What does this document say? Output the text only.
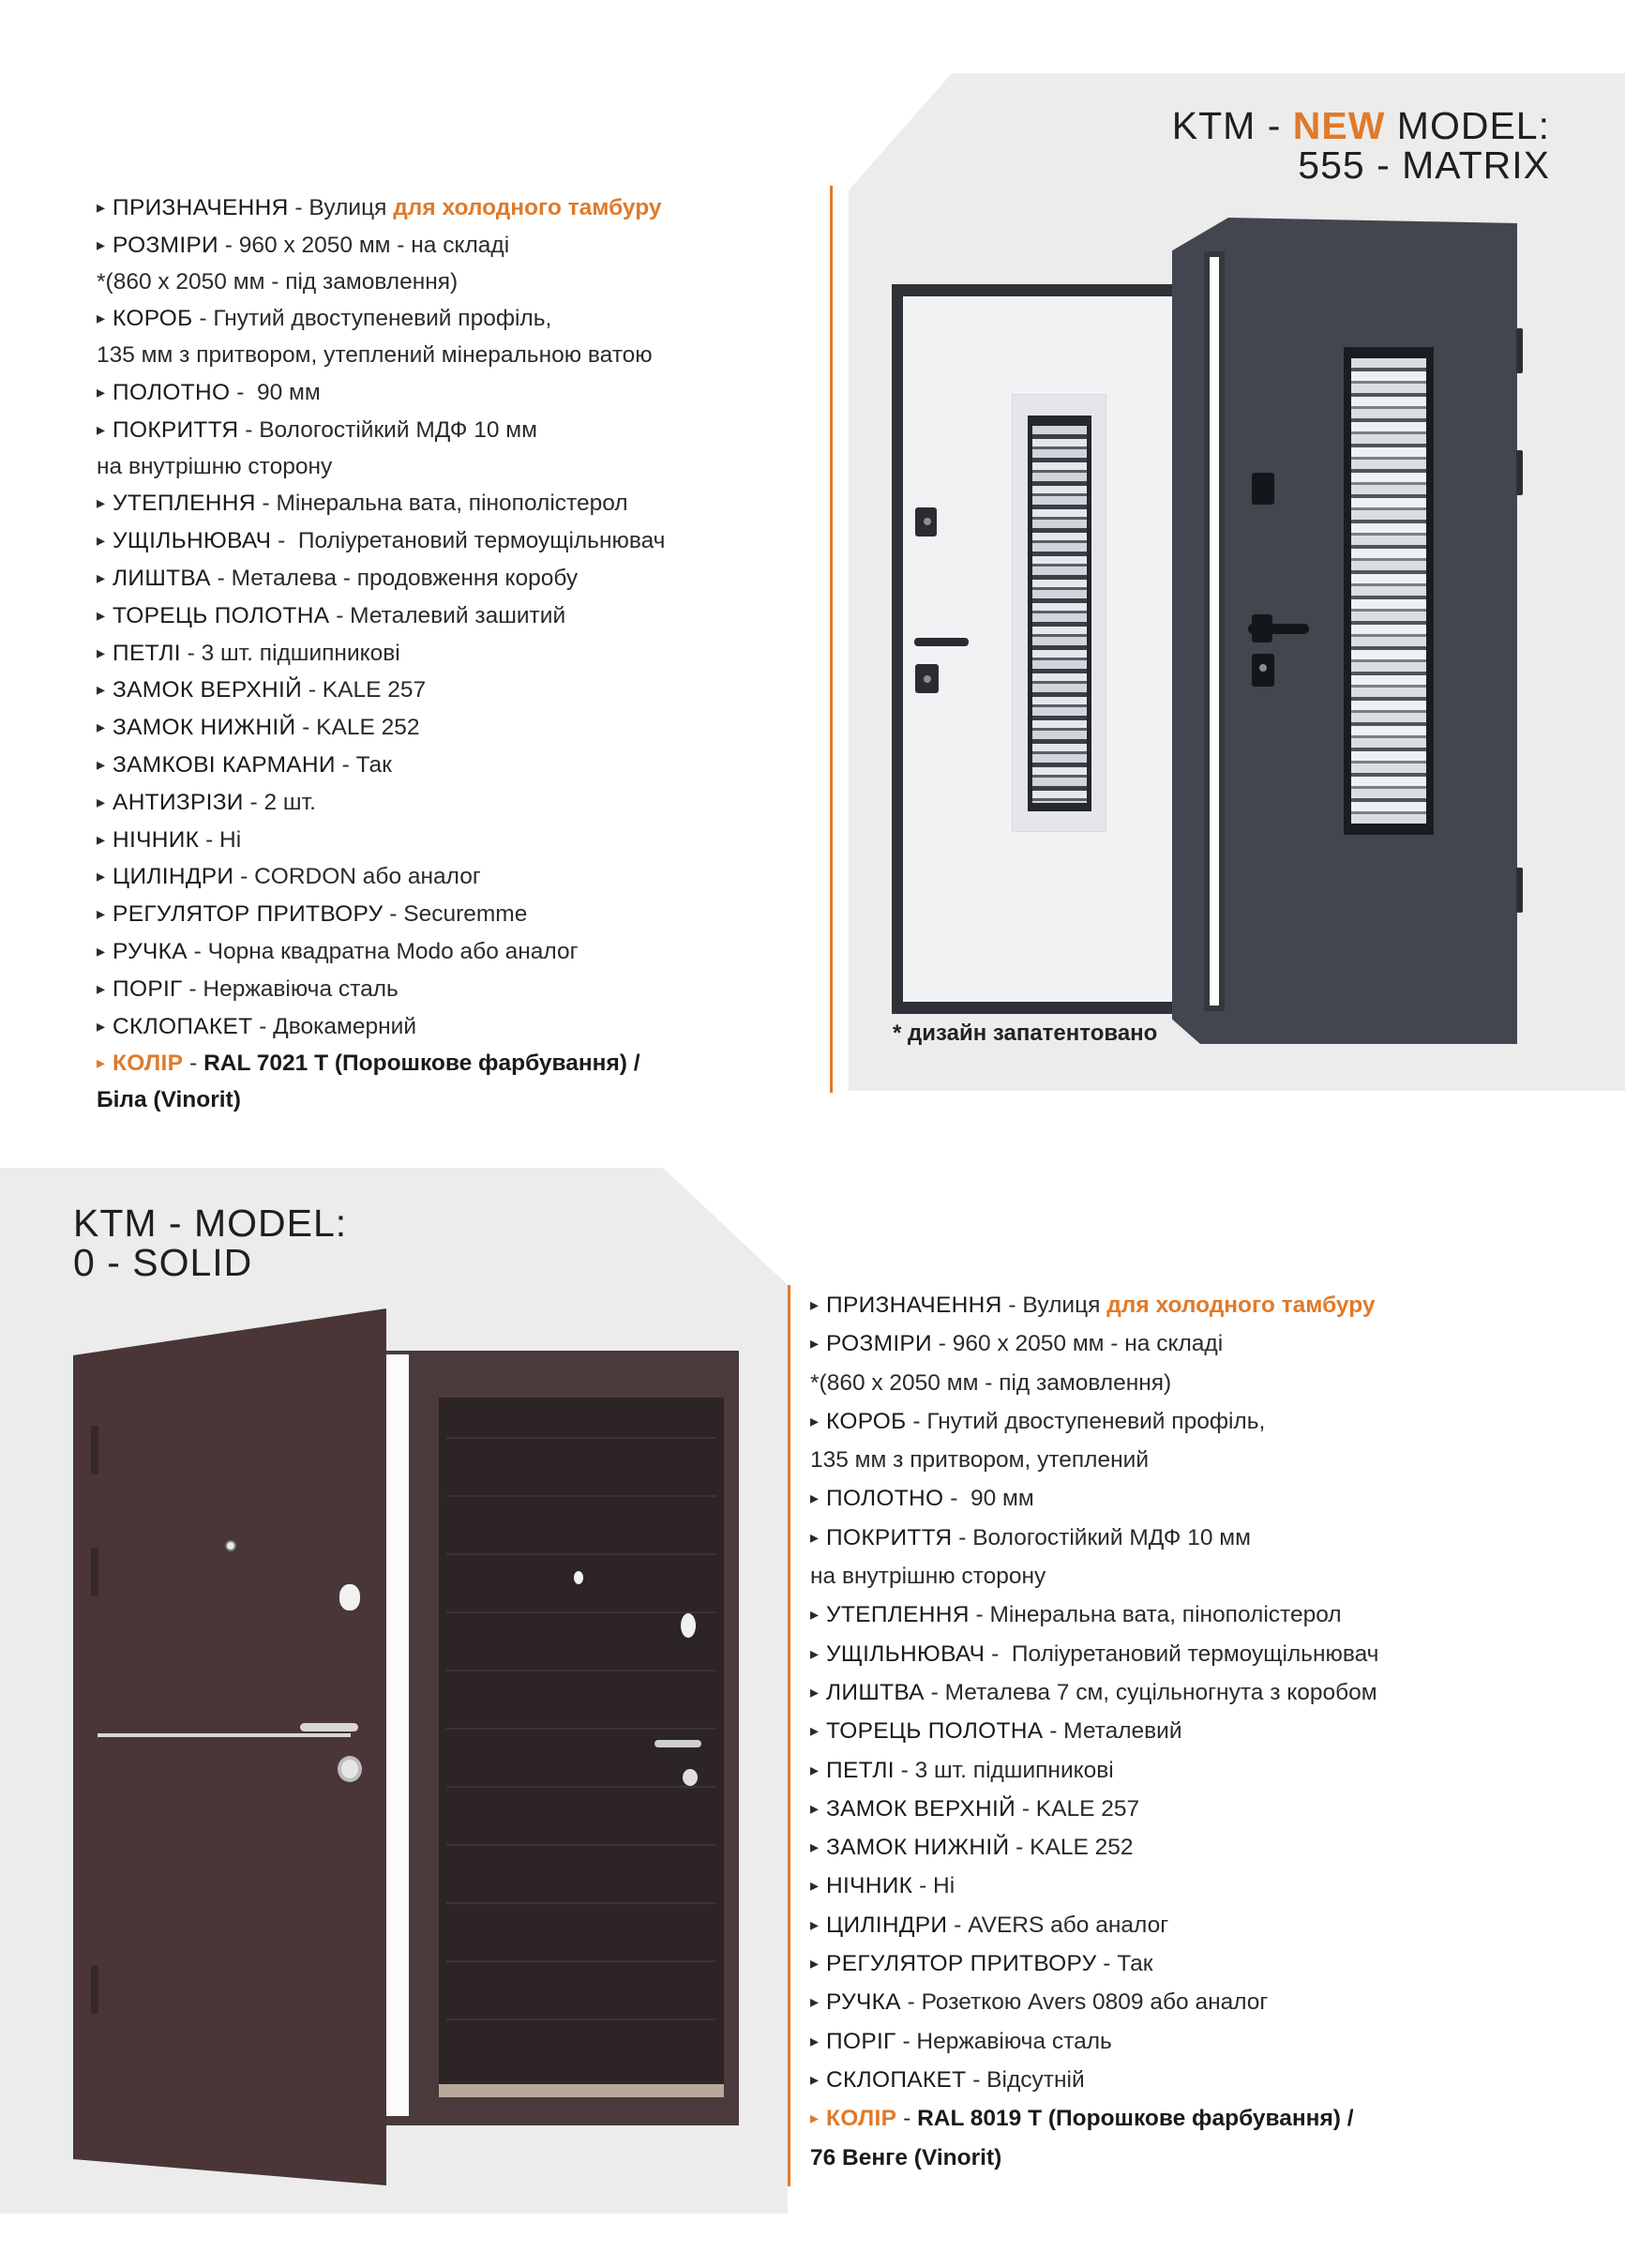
KTM - NEW MODEL:
555 - MATRIX
▸ ПРИЗНАЧЕННЯ - Вулиця для холодного тамбуру
▸ РОЗМІРИ - 960 х 2050 мм - на складі
*(860 х 2050 мм - під замовлення)
▸ КОРОБ - Гнутий двоступеневий профіль,
135 мм з притвором, утеплений мінеральною ватою
▸ ПОЛОТНО -  90 мм
▸ ПОКРИТТЯ - Вологостійкий МДФ 10 мм
на внутрішню сторону
▸ УТЕПЛЕННЯ - Мінеральна вата, пінополістерол
▸ УЩІЛЬНЮВАЧ -  Поліуретановий термоущільнювач
▸ ЛИШТВА - Металева - продовження коробу
▸ ТОРЕЦЬ ПОЛОТНА - Металевий зашитий
▸ ПЕТЛІ - 3 шт. підшипникові
▸ ЗАМОК ВЕРХНІЙ - KALE 257
▸ ЗАМОК НИЖНІЙ - KALE 252
▸ ЗАМКОВІ КАРМАНИ - Так
▸ АНТИЗРІЗИ - 2 шт.
▸ НІЧНИК - Ні
▸ ЦИЛІНДРИ - CORDON або аналог
▸ РЕГУЛЯТОР ПРИТВОРУ - Securemme
▸ РУЧКА - Чорна квадратна Modo або аналог
▸ ПОРІГ - Нержавіюча сталь
▸ СКЛОПАКЕТ - Двокамерний
▸ КОЛІР - RAL 7021 T (Порошкове фарбування) /
Біла (Vinorit)
* дизайн запатентовано
KTM - MODEL:
0 - SOLID
▸ ПРИЗНАЧЕННЯ - Вулиця для холодного тамбуру
▸ РОЗМІРИ - 960 х 2050 мм - на складі
*(860 х 2050 мм - під замовлення)
▸ КОРОБ - Гнутий двоступеневий профіль,
135 мм з притвором, утеплений
▸ ПОЛОТНО -  90 мм
▸ ПОКРИТТЯ - Вологостійкий МДФ 10 мм
на внутрішню сторону
▸ УТЕПЛЕННЯ - Мінеральна вата, пінополістерол
▸ УЩІЛЬНЮВАЧ -  Поліуретановий термоущільнювач
▸ ЛИШТВА - Металева 7 см, суцільногнута з коробом
▸ ТОРЕЦЬ ПОЛОТНА - Металевий
▸ ПЕТЛІ - 3 шт. підшипникові
▸ ЗАМОК ВЕРХНІЙ - KALE 257
▸ ЗАМОК НИЖНІЙ - KALE 252
▸ НІЧНИК - Ні
▸ ЦИЛІНДРИ - AVERS або аналог
▸ РЕГУЛЯТОР ПРИТВОРУ - Так
▸ РУЧКА - Розеткою Avers 0809 або аналог
▸ ПОРІГ - Нержавіюча сталь
▸ СКЛОПАКЕТ - Відсутній
▸ КОЛІР - RAL 8019 T (Порошкове фарбування) /
76 Венге (Vinorit)
